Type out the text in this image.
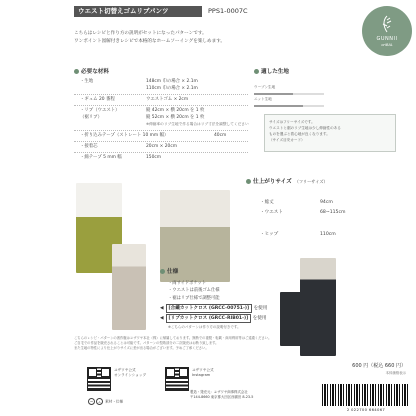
ウエスト切替えゴムリブパンツ	PPS1-0007C
こちらはレシピと作り方の説明がセットになったパターンです。
ワンポイント図解付きレシピで本格的なホームソーイングを楽しめます。	GUNNII
oriBAL
必要な材料
・生地	148cm 巾の場合 × 2.1m
110cm 巾の場合 × 2.1m
・ギュム 20 番程	ウエストゴム × 2cm
・リブ（ウエスト）	縦 42cm × 横 20cm を 1 枚
（裾リブ）	縦 52cm × 横 20cm を 1 枚
※伸縮率のリブ生地で作る場合はリブ寸法を調整してください
・折り込みテープ（ストレート 10 mm 幅）	40cm
・接着芯	20cm × 20cm
・綿テープ 5 mm 幅	150cm
適した生地
ウーブン生地
ニット生地
サイズはフリーサイズです。
ウエストと裾のリブ生地は少し伸縮性のある
ものを選ぶと着心地が良くなります。
（サイズ目安カード）
仕上がりサイズ （フリーサイズ）
・総丈	94cm
・ウエスト	68~115cm
・ヒップ	110cm
仕様
・両サイドポケット
・ウエストは前後ゴム仕様
・裾はリブ仕様で調整可能
◀ [合繊カットクロス (GRCC-00751-)] を使用
◀ [リブカットクロス (GRCC-RIB01-)] を使用
※こちらのパターンは作り方の説明付きです。
こちらのレシピ・パターンの著作権はユザワヤ本社（株）に帰属しております。無断での複製・転載・商用利用等はご遠慮ください。
ご自宅での作品を販売されることは可能です。パターンの型紙部分の二次販売はお断り致します。
また生地の特性により仕上がりサイズに差が出る場合がございます。予めご了承ください。
600 円（税込 660 円）
本体価格表示
ユザワヤ公式
オンラインショップ
ユザワヤ公式
Instagram
~ ▵ 素材・仕様
製造・発売元：ユザワヤ商事株式会社
〒144-8660 東京都大田区西蒲田 8-23-5
2 022700 664067
